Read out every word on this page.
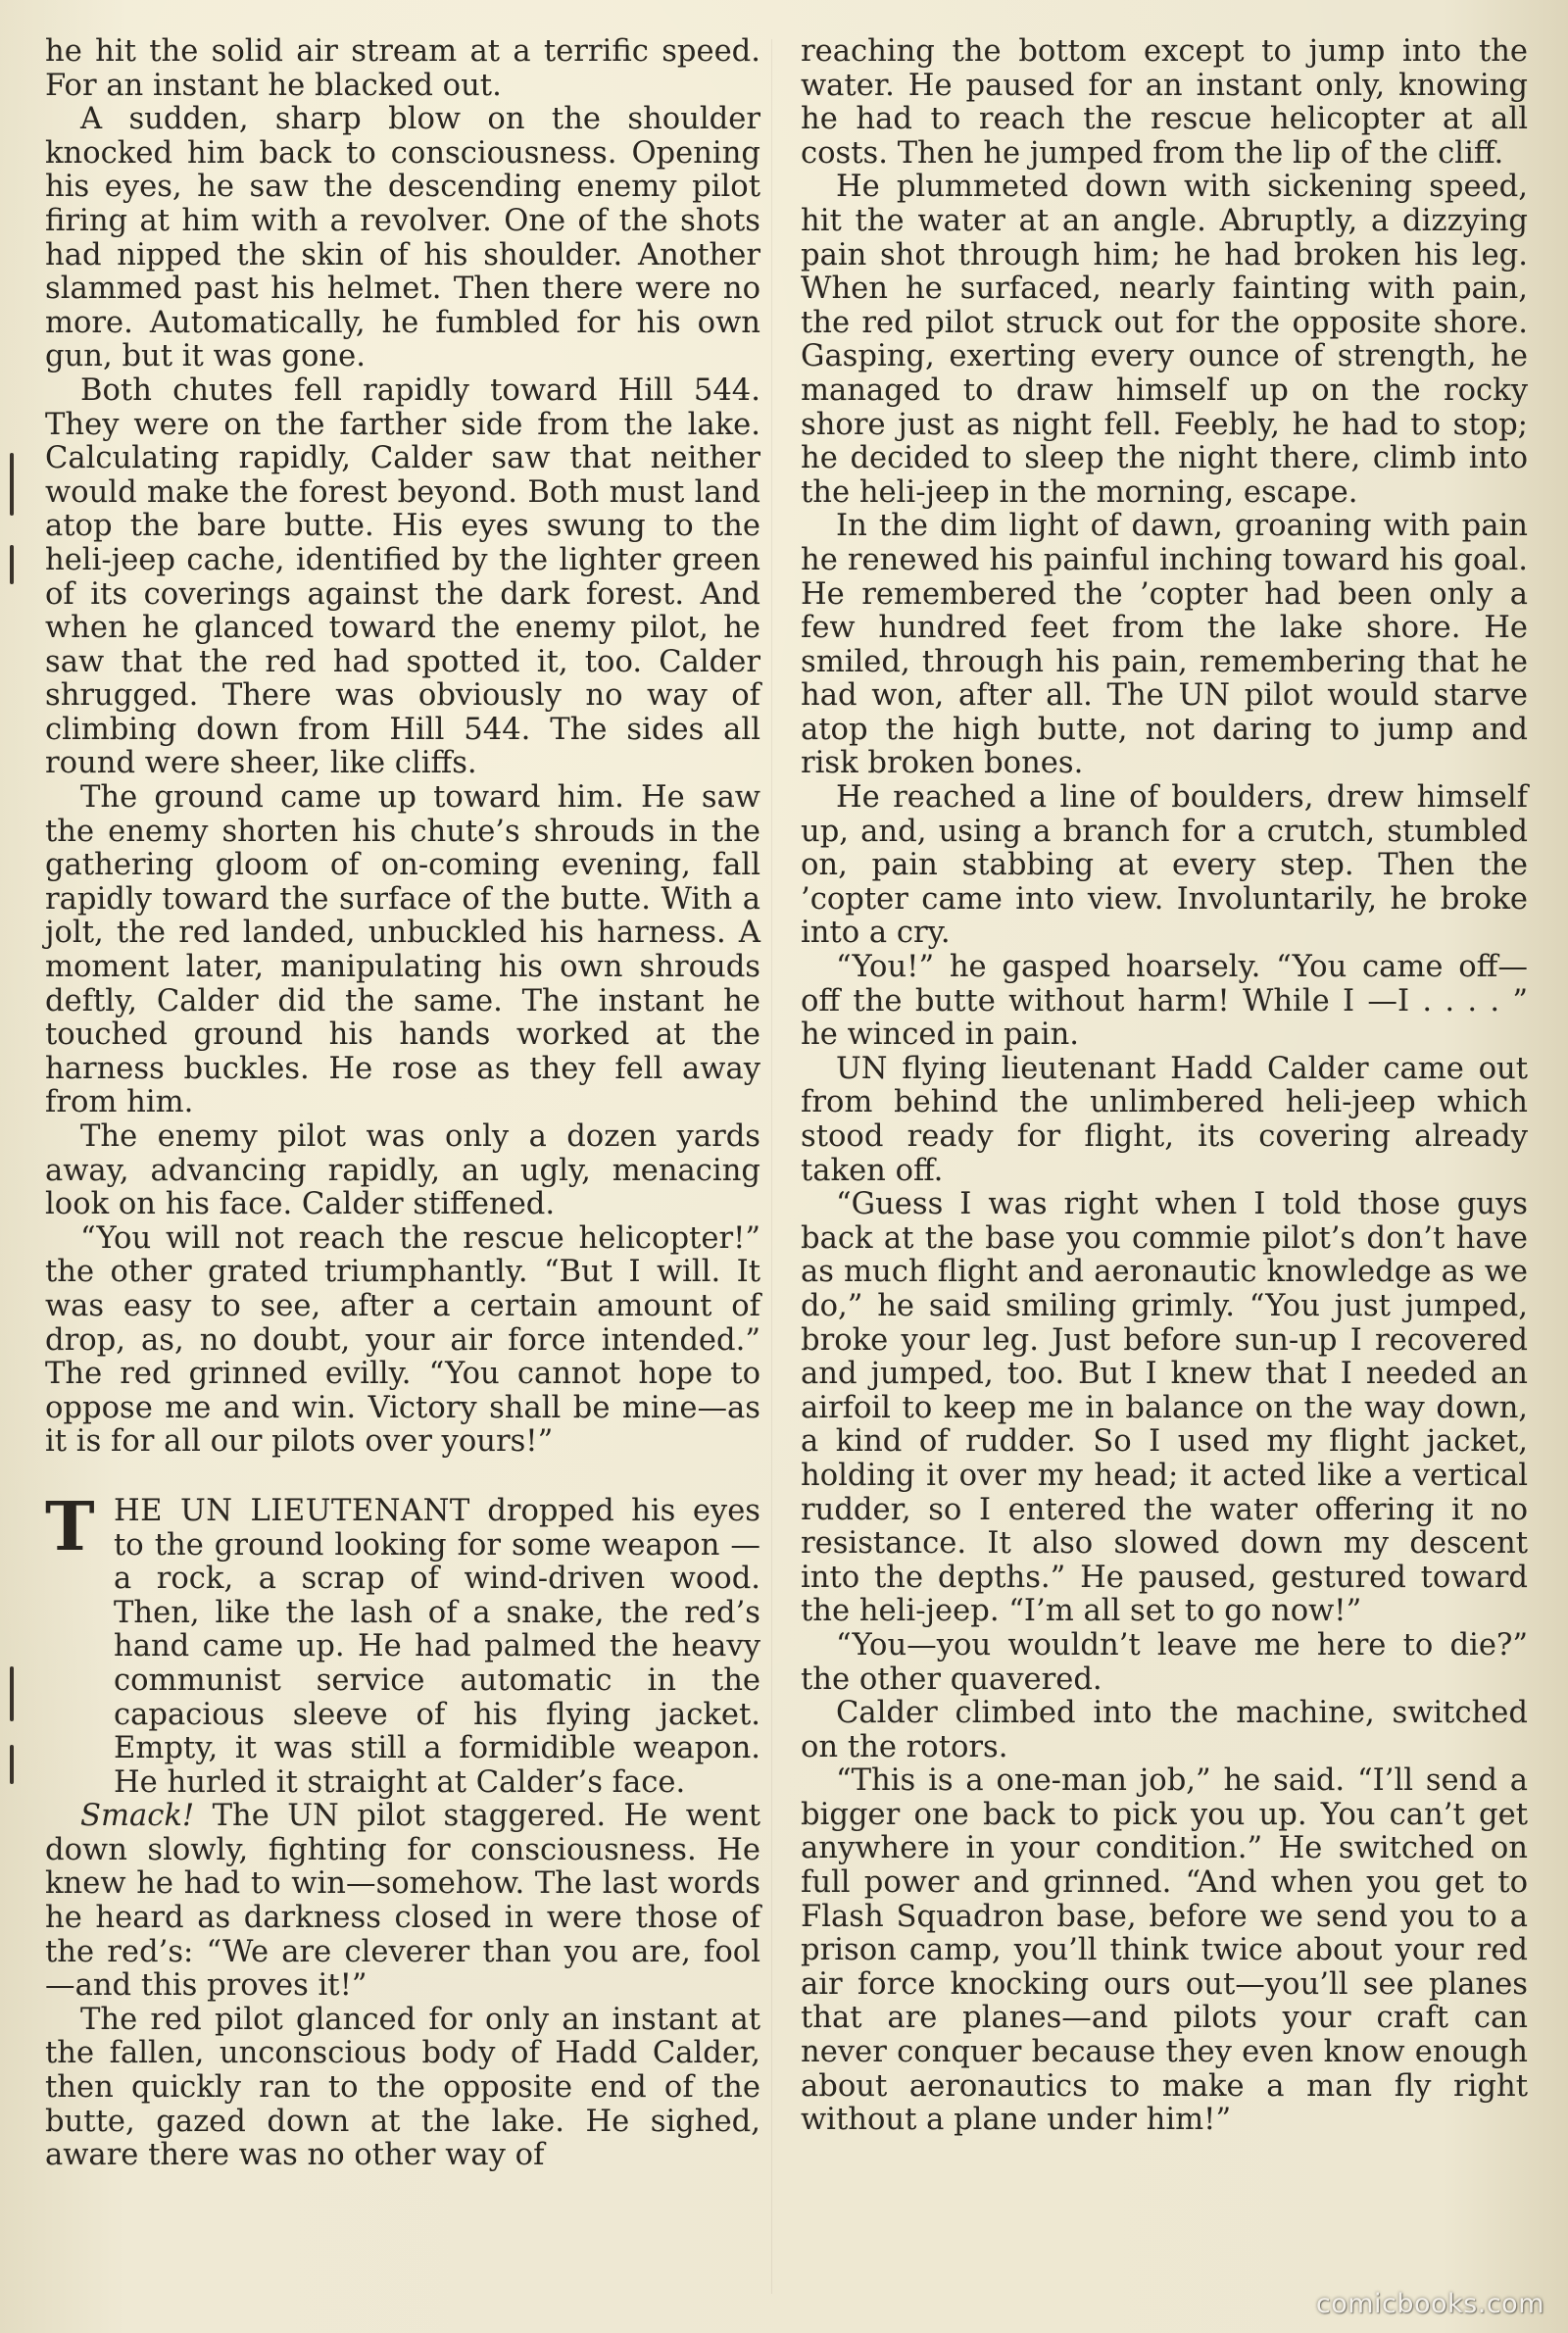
he hit the solid air stream at a terrific speed. For an instant he blacked out.

A sudden, sharp blow on the shoulder knocked him back to consciousness. Opening his eyes, he saw the descending enemy pilot firing at him with a revolver. One of the shots had nipped the skin of his shoulder. Another slammed past his helmet. Then there were no more. Automatically, he fumbled for his own gun, but it was gone.

Both chutes fell rapidly toward Hill 544. They were on the farther side from the lake. Calculating rapidly, Calder saw that neither would make the forest beyond. Both must land atop the bare butte. His eyes swung to the heli-jeep cache, identified by the lighter green of its coverings against the dark forest. And when he glanced toward the enemy pilot, he saw that the red had spotted it, too. Calder shrugged. There was obviously no way of climbing down from Hill 544. The sides all round were sheer, like cliffs.

The ground came up toward him. He saw the enemy shorten his chute’s shrouds in the gathering gloom of on-coming evening, fall rapidly toward the surface of the butte. With a jolt, the red landed, unbuckled his harness. A moment later, manipulating his own shrouds deftly, Calder did the same. The instant he touched ground his hands worked at the harness buckles. He rose as they fell away from him.

The enemy pilot was only a dozen yards away, advancing rapidly, an ugly, menacing look on his face. Calder stiffened.

“You will not reach the rescue helicopter!” the other grated triumphantly. “But I will. It was easy to see, after a certain amount of drop, as, no doubt, your air force intended.” The red grinned evilly. “You cannot hope to oppose me and win. Victory shall be mine—as it is for all our pilots over yours!”

T HE UN LIEUTENANT dropped his eyes to the ground looking for some weapon —a rock, a scrap of wind-driven wood. Then, like the lash of a snake, the red’s hand came up. He had palmed the heavy communist service automatic in the capacious sleeve of his flying jacket. Empty, it was still a formidible weapon. He hurled it straight at Calder’s face.

Smack! The UN pilot staggered. He went down slowly, fighting for consciousness. He knew he had to win—somehow. The last words he heard as darkness closed in were those of the red’s: “We are cleverer than you are, fool—and this proves it!”

The red pilot glanced for only an instant at the fallen, unconscious body of Hadd Calder, then quickly ran to the opposite end of the butte, gazed down at the lake. He sighed, aware there was no other way of

reaching the bottom except to jump into the water. He paused for an instant only, knowing he had to reach the rescue helicopter at all costs. Then he jumped from the lip of the cliff.

He plummeted down with sickening speed, hit the water at an angle. Abruptly, a dizzying pain shot through him; he had broken his leg. When he surfaced, nearly fainting with pain, the red pilot struck out for the opposite shore. Gasping, exerting every ounce of strength, he managed to draw himself up on the rocky shore just as night fell. Feebly, he had to stop; he decided to sleep the night there, climb into the heli-jeep in the morning, escape.

In the dim light of dawn, groaning with pain he renewed his painful inching toward his goal. He remembered the ’copter had been only a few hundred feet from the lake shore. He smiled, through his pain, remembering that he had won, after all. The UN pilot would starve atop the high butte, not daring to jump and risk broken bones.

He reached a line of boulders, drew himself up, and, using a branch for a crutch, stumbled on, pain stabbing at every step. Then the ’copter came into view. Involuntarily, he broke into a cry.

“You!” he gasped hoarsely. “You came off—off the butte without harm! While I —I . . . . ” he winced in pain.

UN flying lieutenant Hadd Calder came out from behind the unlimbered heli-jeep which stood ready for flight, its covering already taken off.

“Guess I was right when I told those guys back at the base you commie pilot’s don’t have as much flight and aeronautic knowledge as we do,” he said smiling grimly. “You just jumped, broke your leg. Just before sun-up I recovered and jumped, too. But I knew that I needed an airfoil to keep me in balance on the way down, a kind of rudder. So I used my flight jacket, holding it over my head; it acted like a vertical rudder, so I entered the water offering it no resistance. It also slowed down my descent into the depths.” He paused, gestured toward the heli-jeep. “I’m all set to go now!”

“You—you wouldn’t leave me here to die?” the other quavered.

Calder climbed into the machine, switched on the rotors.

“This is a one-man job,” he said. “I’ll send a bigger one back to pick you up. You can’t get anywhere in your condition.” He switched on full power and grinned. “And when you get to Flash Squadron base, before we send you to a prison camp, you’ll think twice about your red air force knocking ours out—you’ll see planes that are planes—and pilots your craft can never conquer because they even know enough about aeronautics to make a man fly right without a plane under him!”

comicbooks.com
